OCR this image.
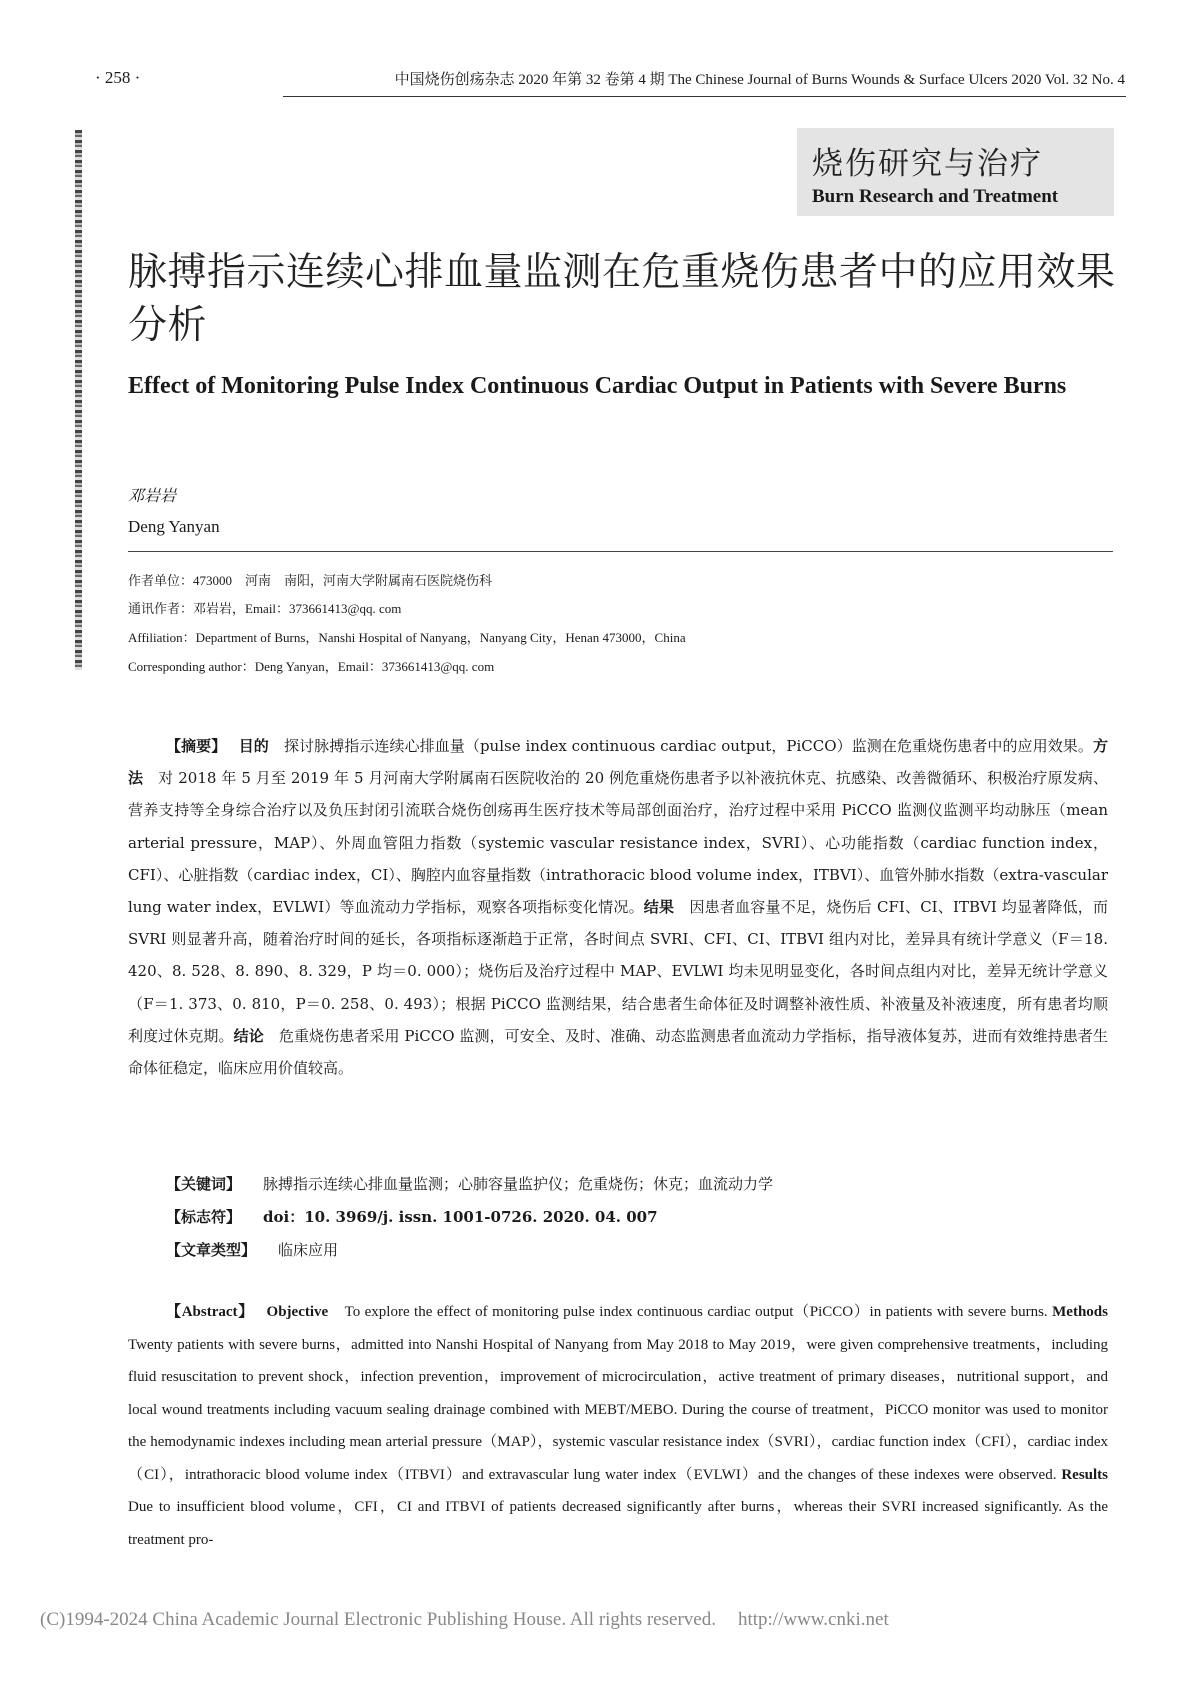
· 258 ·	中国烧伤创疡杂志 2020 年第 32 卷第 4 期 The Chinese Journal of Burns Wounds & Surface Ulcers 2020 Vol. 32 No. 4
烧伤研究与治疗
Burn Research and Treatment
脉搏指示连续心排血量监测在危重烧伤患者中的应用效果分析
Effect of Monitoring Pulse Index Continuous Cardiac Output in Patients with Severe Burns
邓岩岩
Deng Yanyan
作者单位：473000　河南　南阳，河南大学附属南石医院烧伤科
通讯作者：邓岩岩，Email：373661413@qq. com
Affiliation：Department of Burns，Nanshi Hospital of Nanyang，Nanyang City，Henan 473000，China
Corresponding author：Deng Yanyan，Email：373661413@qq. com
【摘要】　 目的　 探讨脉搏指示连续心排血量（pulse index continuous cardiac output，PiCCO）监测在危重烧伤患者中的应用效果。方法　 对 2018 年 5 月至 2019 年 5 月河南大学附属南石医院收治的 20 例危重烧伤患者予以补液抗休克、抗感染、改善微循环、积极治疗原发病、营养支持等全身综合治疗以及负压封闭引流联合烧伤创疡再生医疗技术等局部创面治疗，治疗过程中采用 PiCCO 监测仪监测平均动脉压（mean arterial pressure，MAP）、外周血管阻力指数（systemic vascular resistance index，SVRI）、心功能指数（cardiac function index，CFI）、心脏指数（cardiac index，CI）、胸腔内血容量指数（intrathoracic blood volume index，ITBVI）、血管外肺水指数（extra-vascular lung water index，EVLWI）等血流动力学指标，观察各项指标变化情况。结果　 因患者血容量不足，烧伤后 CFI、CI、ITBVI 均显著降低，而 SVRI 则显著升高，随着治疗时间的延长，各项指标逐渐趋于正常，各时间点 SVRI、CFI、CI、ITBVI 组内对比，差异具有统计学意义（F＝18. 420、8. 528、8. 890、8. 329，P 均＝0. 000）；烧伤后及治疗过程中 MAP、EVLWI 均未见明显变化，各时间点组内对比，差异无统计学意义（F＝1. 373、0. 810，P＝0. 258、0. 493）；根据 PiCCO 监测结果，结合患者生命体征及时调整补液性质、补液量及补液速度，所有患者均顺利度过休克期。结论　 危重烧伤患者采用 PiCCO 监测，可安全、及时、准确、动态监测患者血流动力学指标，指导液体复苏，进而有效维持患者生命体征稳定，临床应用价值较高。
【关键词】 脉搏指示连续心排血量监测；心肺容量监护仪；危重烧伤；休克；血流动力学
【标志符】 doi：10. 3969/j. issn. 1001-0726. 2020. 04. 007
【文章类型】 临床应用
【Abstract】　 Objective　 To explore the effect of monitoring pulse index continuous cardiac output（PiCCO）in patients with severe burns. Methods　Twenty patients with severe burns，admitted into Nanshi Hospital of Nanyang from May 2018 to May 2019，were given comprehensive treatments，including fluid resuscitation to prevent shock，infection prevention，improvement of microcirculation，active treatment of primary diseases，nutritional support，and local wound treatments including vacuum sealing drainage combined with MEBT/MEBO. During the course of treatment，PiCCO monitor was used to monitor the hemodynamic indexes including mean arterial pressure（MAP），systemic vascular resistance index（SVRI），cardiac function index（CFI），cardiac index（CI），intrathoracic blood volume index（ITBVI）and extravascular lung water index（EVLWI）and the changes of these indexes were observed. Results　Due to insufficient blood volume，CFI，CI and ITBVI of patients decreased significantly after burns，whereas their SVRI increased significantly. As the treatment pro-
(C)1994-2024 China Academic Journal Electronic Publishing House. All rights reserved. http://www.cnki.net
